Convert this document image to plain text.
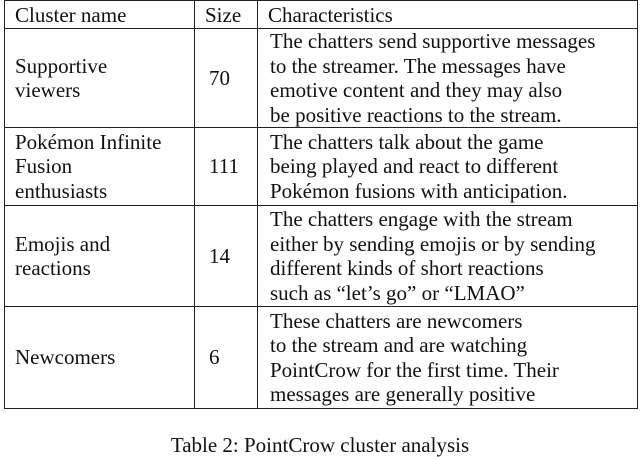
Cluster name	Size	Characteristics

Supportive
viewers	70	The chatters send supportive messages
to the streamer. The messages have
emotive content and they may also
be positive reactions to the stream.

Pokémon Infinite
Fusion
enthusiasts	111	The chatters talk about the game
being played and react to different
Pokémon fusions with anticipation.

Emojis and
reactions	14	The chatters engage with the stream
either by sending emojis or by sending
different kinds of short reactions
such as “let’s go” or “LMAO”

Newcomers	6	These chatters are newcomers
to the stream and are watching
PointCrow for the first time. Their
messages are generally positive
Table 2: PointCrow cluster analysis
